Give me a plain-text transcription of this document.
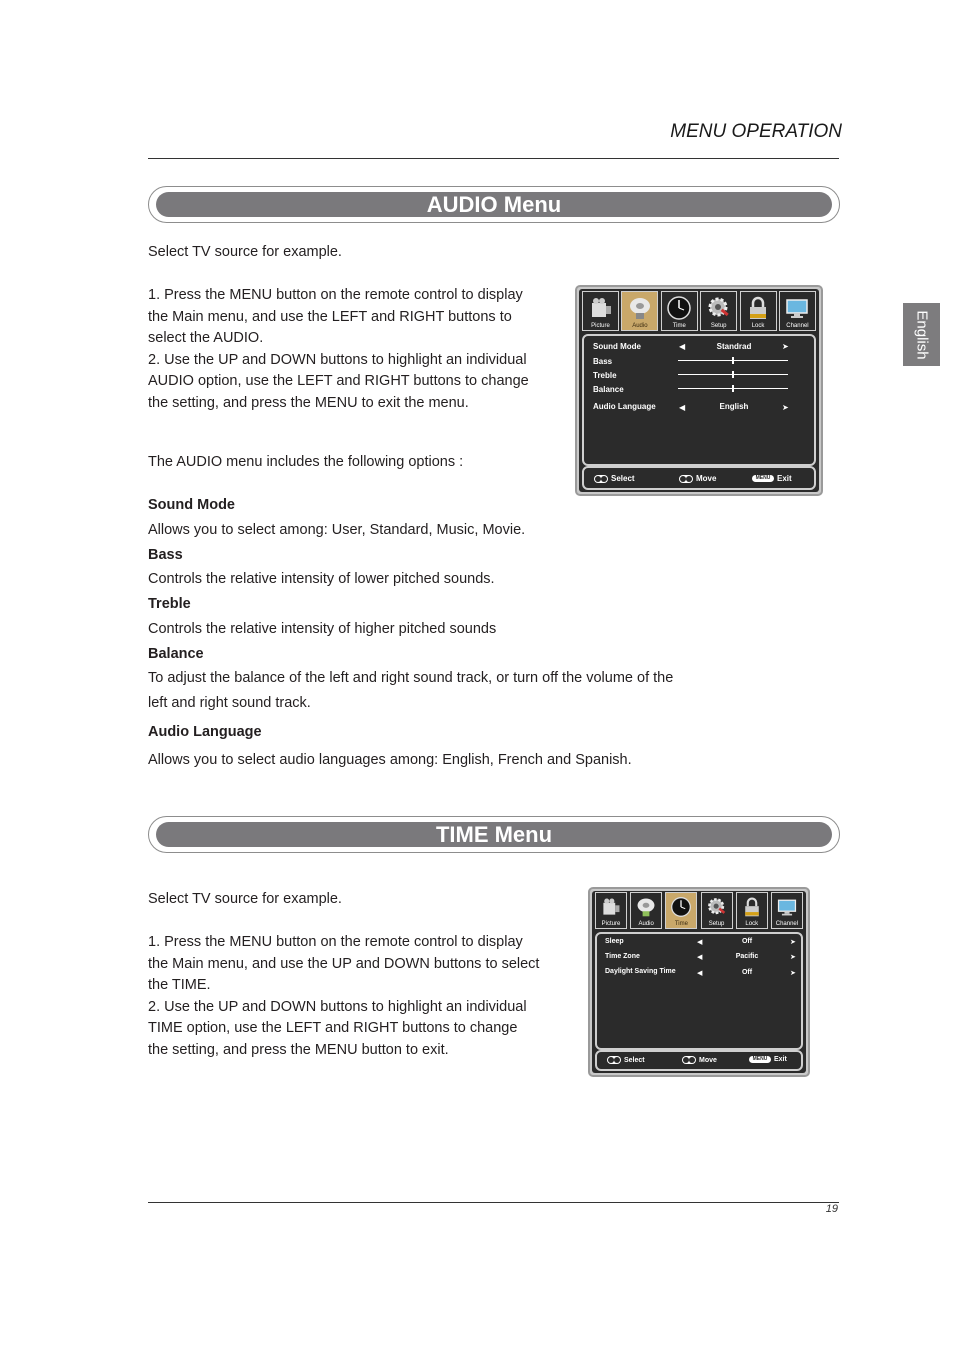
MENU OPERATION
English
AUDIO Menu
Select TV source for example.
1. Press the MENU button on the remote control to display
the Main menu, and use the LEFT and RIGHT buttons to
select the AUDIO.
2. Use the UP and DOWN buttons to highlight an individual
AUDIO option, use the LEFT and RIGHT buttons to change
the setting, and press the MENU to exit the menu.
The AUDIO menu includes the following options :
Sound Mode
Allows you to select among: User, Standard, Music, Movie.
Bass
Controls the relative intensity of lower pitched sounds.
Treble
Controls the relative intensity of higher pitched sounds
Balance
To adjust the balance of the left and right sound track, or turn off the volume of the
left and right sound track.
Audio Language
Allows you to select audio languages among: English, French and Spanish.
Picture	Audio	Time	Setup	Lock	Channel
Sound Mode	◀	Standrad	➤
Bass
Treble
Balance
Audio Language	◀	English	➤
Select	Move	MENU Exit
TIME Menu
Select TV source for example.
1. Press the MENU button on the remote control to display
the Main menu, and use the UP and DOWN buttons to select
the TIME.
2. Use the UP and DOWN buttons to highlight an individual
TIME option, use the LEFT and RIGHT buttons to change
the setting, and press the MENU button to exit.
Picture	Audio	Time	Setup	Lock	Channel
Sleep	◀	Off	➤
Time Zone	◀	Pacific	➤
Daylight Saving Time	◀	Off	➤
Select	Move	MENU Exit
19
